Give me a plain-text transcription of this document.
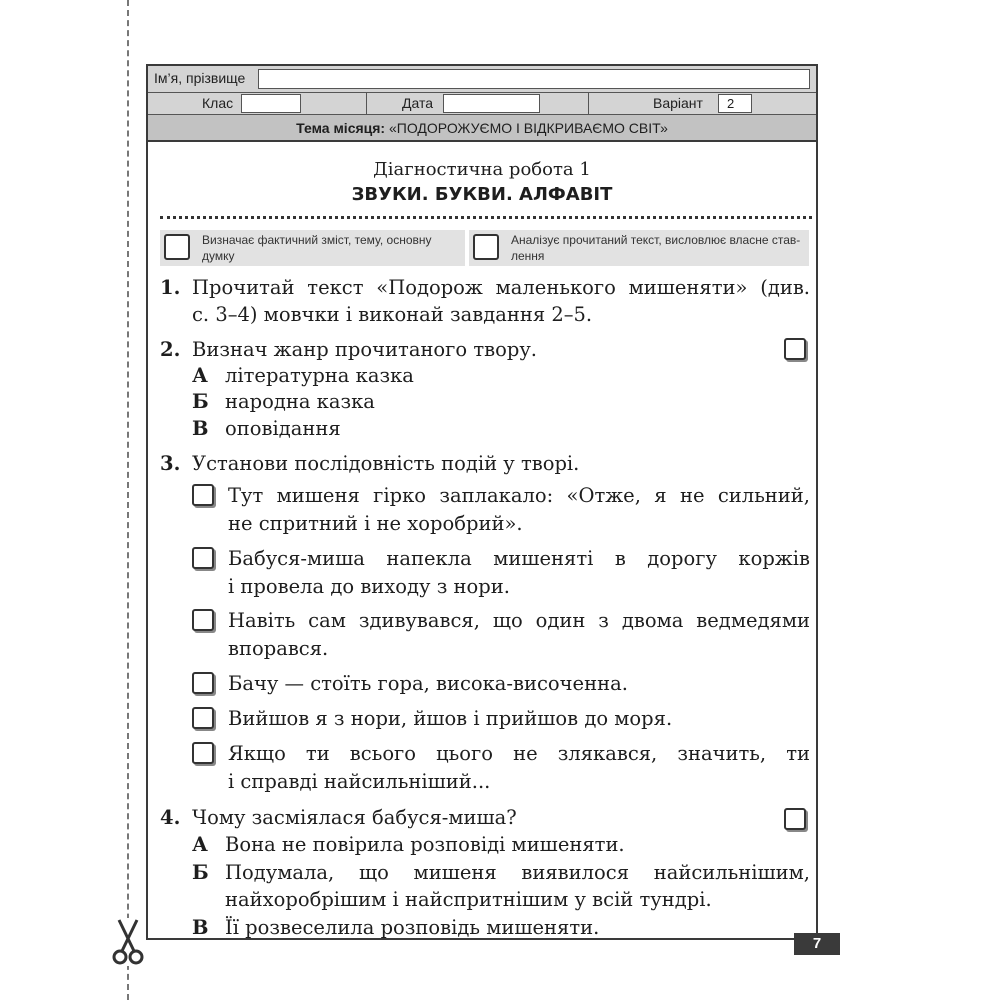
Ім’я, прізвище
Клас	Дата	Варіант	2
Тема місяця: «ПОДОРОЖУЄМО І ВІДКРИВАЄМО СВІТ»
Діагностична робота 1
ЗВУКИ. БУКВИ. АЛФАВІТ
Визначає фактичний зміст, тему, основну
думку
Аналізує прочитаний текст, висловлює власне став-
лення
1. Прочитай текст «Подорож маленького мишеняти» (див.
с. 3–4) мовчки і виконай завдання 2–5.
2. Визнач жанр прочитаного твору.
А літературна казка
Б народна казка
В оповідання
3. Установи послідовність подій у творі.
Тут мишеня гірко заплакало: «Отже, я не сильний,
не спритний і не хоробрий».
Бабуся-миша напекла мишеняті в дорогу коржів
і провела до виходу з нори.
Навіть сам здивувався, що один з двома ведмедями
впорався.
Бачу — стоїть гора, висока-височенна.
Вийшов я з нори, йшов і прийшов до моря.
Якщо ти всього цього не злякався, значить, ти
і справді найсильніший...
4. Чому засміялася бабуся-миша?
А Вона не повірила розповіді мишеняти.
Б Подумала, що мишеня виявилося найсильнішим,
найхоробрішим і найспритнішим у всій тундрі.
В Її розвеселила розповідь мишеняти.
7
